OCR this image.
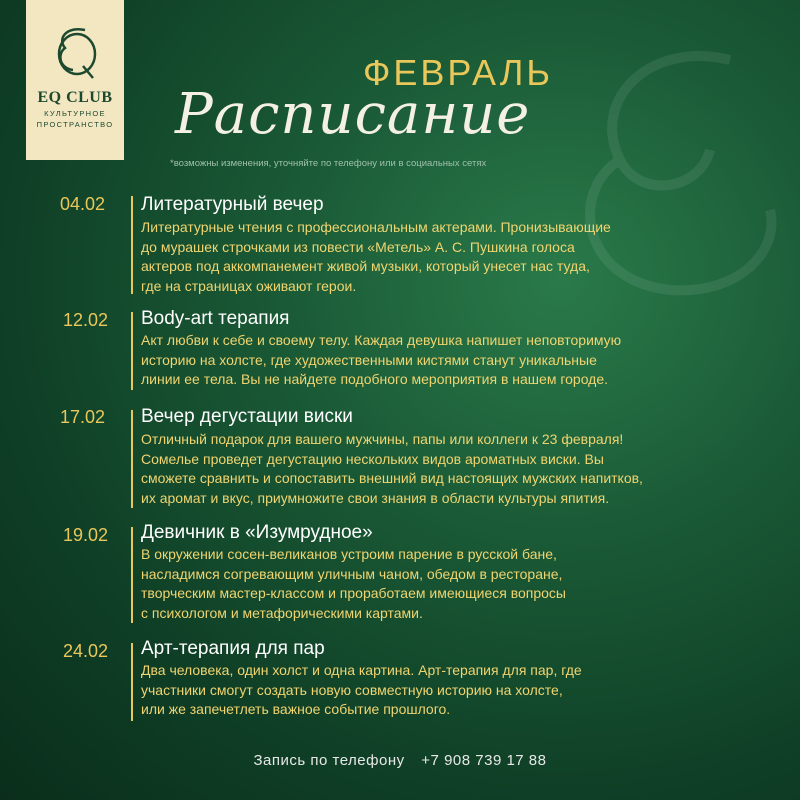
EQ CLUB
КУЛЬТУРНОЕ
ПРОСТРАНСТВО
ФЕВРАЛЬ
Расписание
*возможны изменения, уточняйте по телефону или в социальных сетях
04.02 Литературный вечер
Литературные чтения с профессиональным актерами. Пронизывающие
до мурашек строчками из повести «Метель» А. С. Пушкина голоса
актеров под аккомпанемент живой музыки, который унесет нас туда,
где на страницах оживают герои.
12.02 Body-art терапия
Акт любви к себе и своему телу. Каждая девушка напишет неповторимую
историю на холсте, где художественными кистями станут уникальные
линии ее тела. Вы не найдете подобного мероприятия в нашем городе.
17.02 Вечер дегустации виски
Отличный подарок для вашего мужчины, папы или коллеги к 23 февраля!
Сомелье проведет дегустацию нескольких видов ароматных виски. Вы
сможете сравнить и сопоставить внешний вид настоящих мужских напитков,
их аромат и вкус, приумножите свои знания в области культуры япития.
19.02 Девичник в «Изумрудное»
В окружении сосен-великанов устроим парение в русской бане,
насладимся согревающим уличным чаном, обедом в ресторане,
творческим мастер-классом и проработаем имеющиеся вопросы
с психологом и метафорическими картами.
24.02 Арт-терапия для пар
Два человека, один холст и одна картина. Арт-терапия для пар, где
участники смогут создать новую совместную историю на холсте,
или же запечетлеть важное событие прошлого.
Запись по телефону +7 908 739 17 88
